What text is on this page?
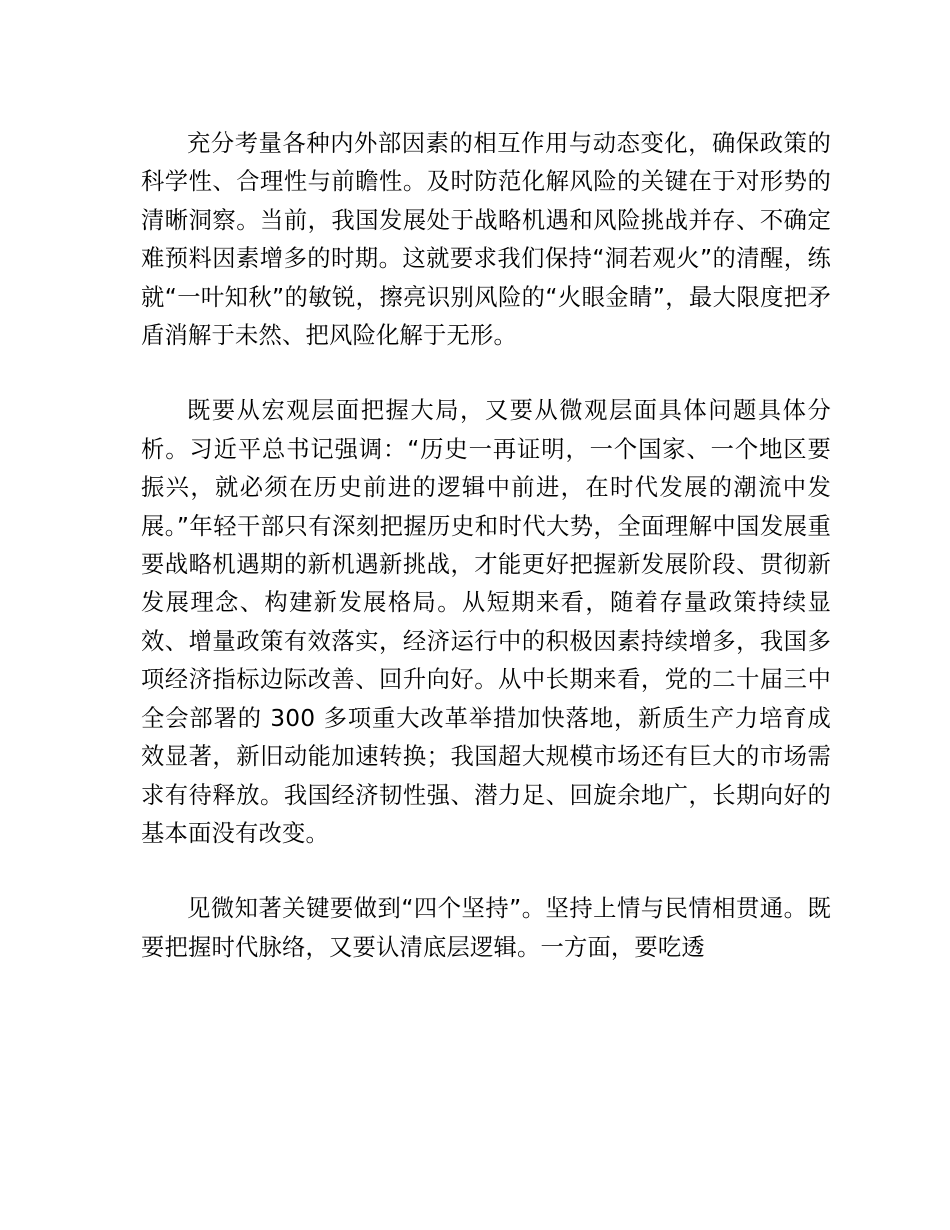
充分考量各种内外部因素的相互作用与动态变化，确保政策的科学性、合理性与前瞻性。及时防范化解风险的关键在于对形势的清晰洞察。当前，我国发展处于战略机遇和风险挑战并存、不确定难预料因素增多的时期。这就要求我们保持“洞若观火”的清醒，练就“一叶知秋”的敏锐，擦亮识别风险的“火眼金睛”，最大限度把矛盾消解于未然、把风险化解于无形。

既要从宏观层面把握大局，又要从微观层面具体问题具体分析。习近平总书记强调：“历史一再证明，一个国家、一个地区要振兴，就必须在历史前进的逻辑中前进，在时代发展的潮流中发展。”年轻干部只有深刻把握历史和时代大势，全面理解中国发展重要战略机遇期的新机遇新挑战，才能更好把握新发展阶段、贯彻新发展理念、构建新发展格局。从短期来看，随着存量政策持续显效、增量政策有效落实，经济运行中的积极因素持续增多，我国多项经济指标边际改善、回升向好。从中长期来看，党的二十届三中全会部署的 300 多项重大改革举措加快落地，新质生产力培育成效显著，新旧动能加速转换；我国超大规模市场还有巨大的市场需求有待释放。我国经济韧性强、潜力足、回旋余地广，长期向好的基本面没有改变。

见微知著关键要做到“四个坚持”。坚持上情与民情相贯通。既要把握时代脉络，又要认清底层逻辑。一方面，要吃透
